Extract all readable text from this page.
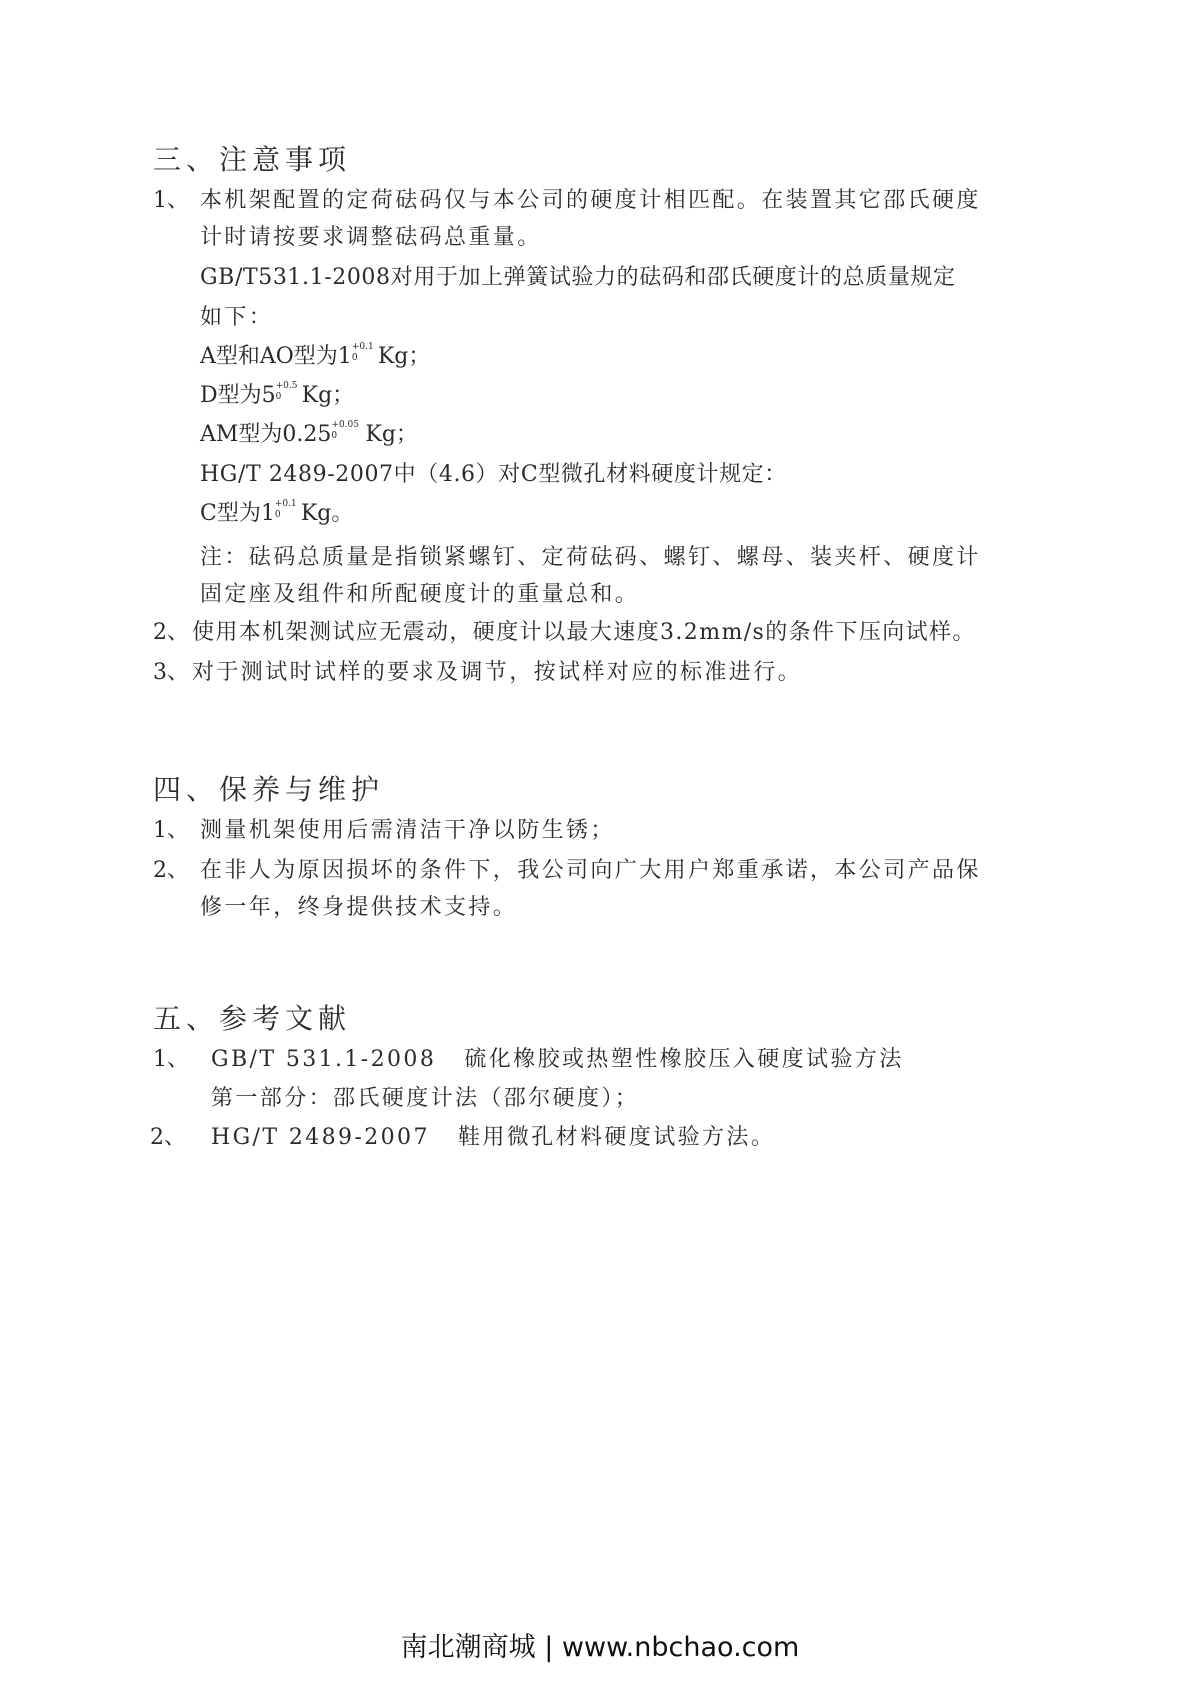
三、注意事项
1、 本机架配置的定荷砝码仅与本公司的硬度计相匹配。在装置其它邵氏硬度
计时请按要求调整砝码总重量。
GB/T531.1-2008对用于加上弹簧试验力的砝码和邵氏硬度计的总质量规定
如下：
A型和AO型为1 +0.1
0 Kg；
D型为5 +0.5
0 Kg；
AM型为0.25 +0.05
0 Kg；
HG/T 2489-2007中（4.6）对C型微孔材料硬度计规定：
C型为1 +0.1
0 Kg。
注：砝码总质量是指锁紧螺钉、定荷砝码、螺钉、螺母、装夹杆、硬度计
固定座及组件和所配硬度计的重量总和。
2、 使用本机架测试应无震动，硬度计以最大速度3.2mm/s的条件下压向试样。
3、 对于测试时试样的要求及调节，按试样对应的标准进行。
四、保养与维护
1、 测量机架使用后需清洁干净以防生锈；
2、 在非人为原因损坏的条件下，我公司向广大用户郑重承诺，本公司产品保
修一年，终身提供技术支持。
五、参考文献
1、 GB/T 531.1-2008   硫化橡胶或热塑性橡胶压入硬度试验方法
第一部分：邵氏硬度计法（邵尔硬度）；
2、 HG/T 2489-2007   鞋用微孔材料硬度试验方法。
南北潮商城 | www.nbchao.com
